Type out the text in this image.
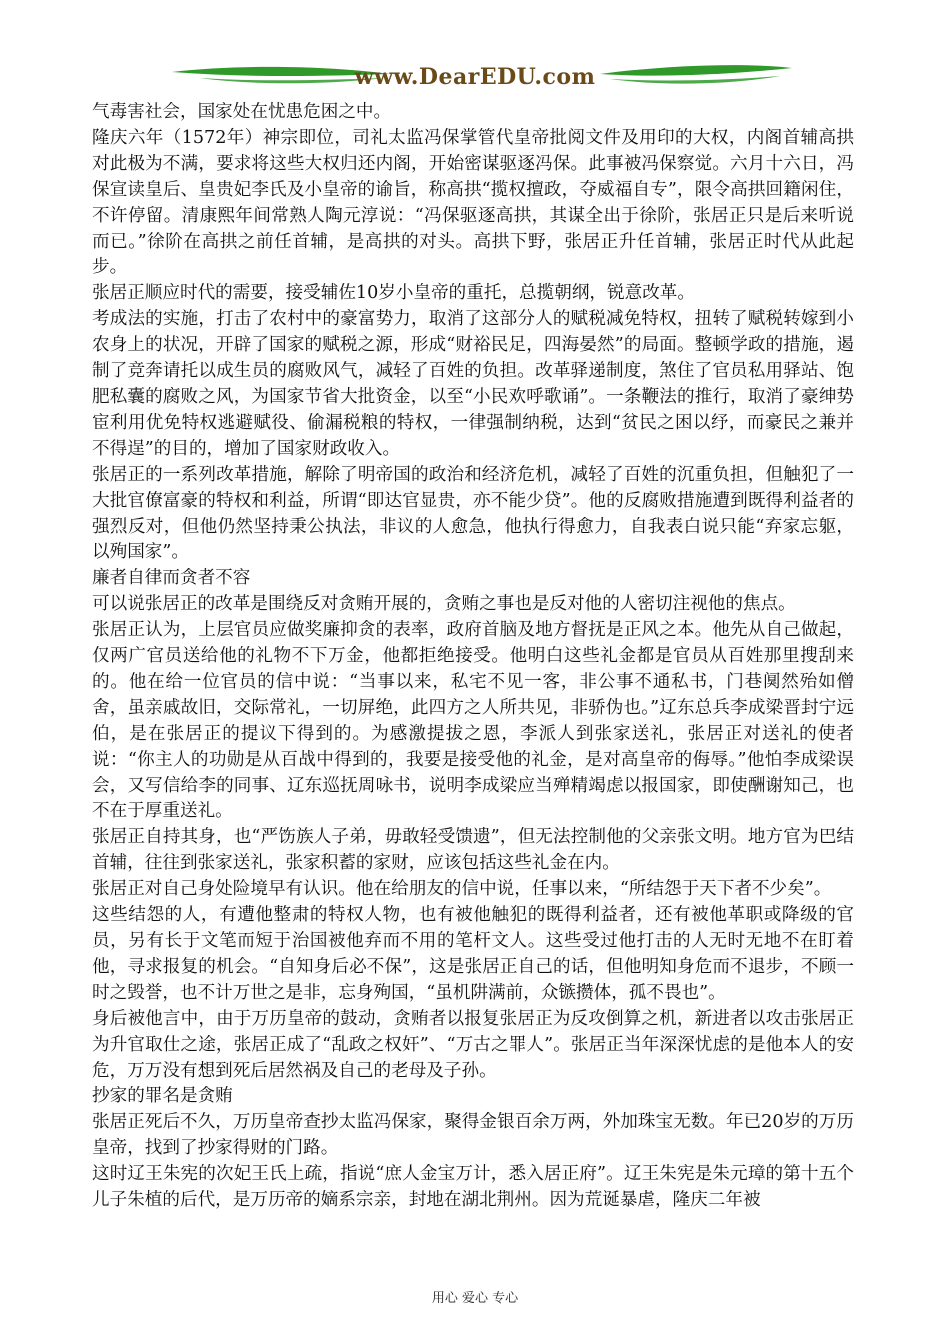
www.DearEDU.com

气毒害社会，国家处在忧患危困之中。

隆庆六年（1572年）神宗即位，司礼太监冯保掌管代皇帝批阅文件及用印的大权，内阁首辅高拱对此极为不满，要求将这些大权归还内阁，开始密谋驱逐冯保。此事被冯保察觉。六月十六日，冯保宣读皇后、皇贵妃李氏及小皇帝的谕旨，称高拱“揽权擅政，夺威福自专”，限令高拱回籍闲住，不许停留。清康熙年间常熟人陶元淳说：“冯保驱逐高拱，其谋全出于徐阶，张居正只是后来听说而已。”徐阶在高拱之前任首辅，是高拱的对头。高拱下野，张居正升任首辅，张居正时代从此起步。

张居正顺应时代的需要，接受辅佐10岁小皇帝的重托，总揽朝纲，锐意改革。

考成法的实施，打击了农村中的豪富势力，取消了这部分人的赋税减免特权，扭转了赋税转嫁到小农身上的状况，开辟了国家的赋税之源，形成“财裕民足，四海晏然”的局面。整顿学政的措施，遏制了竞奔请托以成生员的腐败风气，减轻了百姓的负担。改革驿递制度，煞住了官员私用驿站、饱肥私囊的腐败之风，为国家节省大批资金，以至“小民欢呼歌诵”。一条鞭法的推行，取消了豪绅势宦利用优免特权逃避赋役、偷漏税粮的特权，一律强制纳税，达到“贫民之困以纾，而豪民之兼并不得逞”的目的，增加了国家财政收入。

张居正的一系列改革措施，解除了明帝国的政治和经济危机，减轻了百姓的沉重负担，但触犯了一大批官僚富豪的特权和利益，所谓“即达官显贵，亦不能少贷”。他的反腐败措施遭到既得利益者的强烈反对，但他仍然坚持秉公执法，非议的人愈急，他执行得愈力，自我表白说只能“弃家忘躯，以殉国家”。

廉者自律而贪者不容

可以说张居正的改革是围绕反对贪贿开展的，贪贿之事也是反对他的人密切注视他的焦点。

张居正认为，上层官员应做奖廉抑贪的表率，政府首脑及地方督抚是正风之本。他先从自己做起，仅两广官员送给他的礼物不下万金，他都拒绝接受。他明白这些礼金都是官员从百姓那里搜刮来的。他在给一位官员的信中说：“当事以来，私宅不见一客，非公事不通私书，门巷阒然殆如僧舍，虽亲戚故旧，交际常礼，一切屏绝，此四方之人所共见，非骄伪也。”辽东总兵李成梁晋封宁远伯，是在张居正的提议下得到的。为感激提拔之恩，李派人到张家送礼，张居正对送礼的使者说：“你主人的功勋是从百战中得到的，我要是接受他的礼金，是对高皇帝的侮辱。”他怕李成梁误会，又写信给李的同事、辽东巡抚周咏书，说明李成梁应当殚精竭虑以报国家，即使酬谢知己，也不在于厚重送礼。

张居正自持其身，也“严饬族人子弟，毋敢轻受馈遗”，但无法控制他的父亲张文明。地方官为巴结首辅，往往到张家送礼，张家积蓄的家财，应该包括这些礼金在内。

张居正对自己身处险境早有认识。他在给朋友的信中说，任事以来，“所结怨于天下者不少矣”。

这些结怨的人，有遭他整肃的特权人物，也有被他触犯的既得利益者，还有被他革职或降级的官员，另有长于文笔而短于治国被他弃而不用的笔杆文人。这些受过他打击的人无时无地不在盯着他，寻求报复的机会。“自知身后必不保”，这是张居正自己的话，但他明知身危而不退步，不顾一时之毁誉，也不计万世之是非，忘身殉国，“虽机阱满前，众镞攒体，孤不畏也”。

身后被他言中，由于万历皇帝的鼓动，贪贿者以报复张居正为反攻倒算之机，新进者以攻击张居正为升官取仕之途，张居正成了“乱政之权奸”、“万古之罪人”。张居正当年深深忧虑的是他本人的安危，万万没有想到死后居然祸及自己的老母及子孙。

抄家的罪名是贪贿

张居正死后不久，万历皇帝查抄太监冯保家，聚得金银百余万两，外加珠宝无数。年已20岁的万历皇帝，找到了抄家得财的门路。

这时辽王朱宪的次妃王氏上疏，指说“庶人金宝万计，悉入居正府”。辽王朱宪是朱元璋的第十五个儿子朱植的后代，是万历帝的嫡系宗亲，封地在湖北荆州。因为荒诞暴虐，隆庆二年被

用心 爱心 专心
